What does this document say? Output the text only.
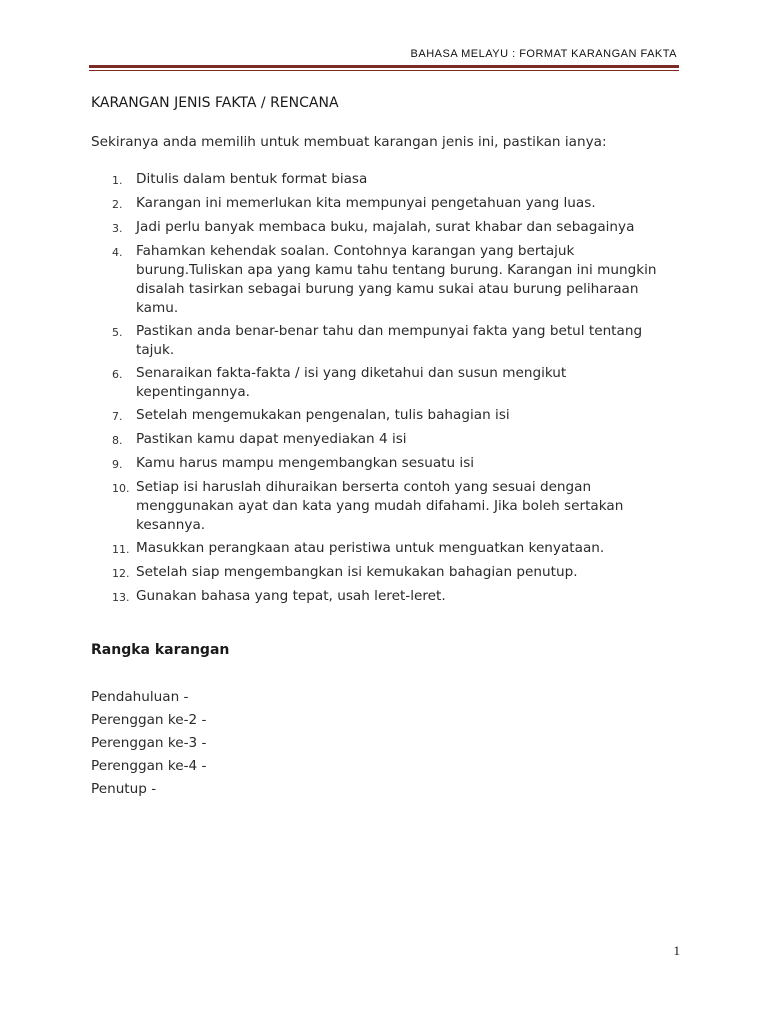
BAHASA MELAYU : FORMAT KARANGAN FAKTA
KARANGAN JENIS FAKTA / RENCANA
Sekiranya anda memilih untuk membuat karangan jenis ini, pastikan ianya:
1. Ditulis dalam bentuk format biasa
2. Karangan ini memerlukan kita mempunyai pengetahuan yang luas.
3. Jadi perlu banyak membaca buku, majalah, surat khabar dan sebagainya
4. Fahamkan kehendak soalan. Contohnya karangan yang bertajuk burung.Tuliskan apa yang kamu tahu tentang burung. Karangan ini mungkin disalah tasirkan sebagai burung yang kamu sukai atau burung peliharaan kamu.
5. Pastikan anda benar-benar tahu dan mempunyai fakta yang betul tentang tajuk.
6. Senaraikan fakta-fakta / isi yang diketahui dan susun mengikut kepentingannya.
7. Setelah mengemukakan pengenalan, tulis bahagian isi
8. Pastikan kamu dapat menyediakan 4 isi
9. Kamu harus mampu mengembangkan sesuatu isi
10. Setiap isi haruslah dihuraikan berserta contoh yang sesuai dengan menggunakan ayat dan kata yang mudah difahami. Jika boleh sertakan kesannya.
11. Masukkan perangkaan atau peristiwa untuk menguatkan kenyataan.
12. Setelah siap mengembangkan isi kemukakan bahagian penutup.
13. Gunakan bahasa yang tepat, usah leret-leret.
Rangka karangan
Pendahuluan -
Perenggan ke-2 -
Perenggan ke-3 -
Perenggan ke-4 -
Penutup -
1
